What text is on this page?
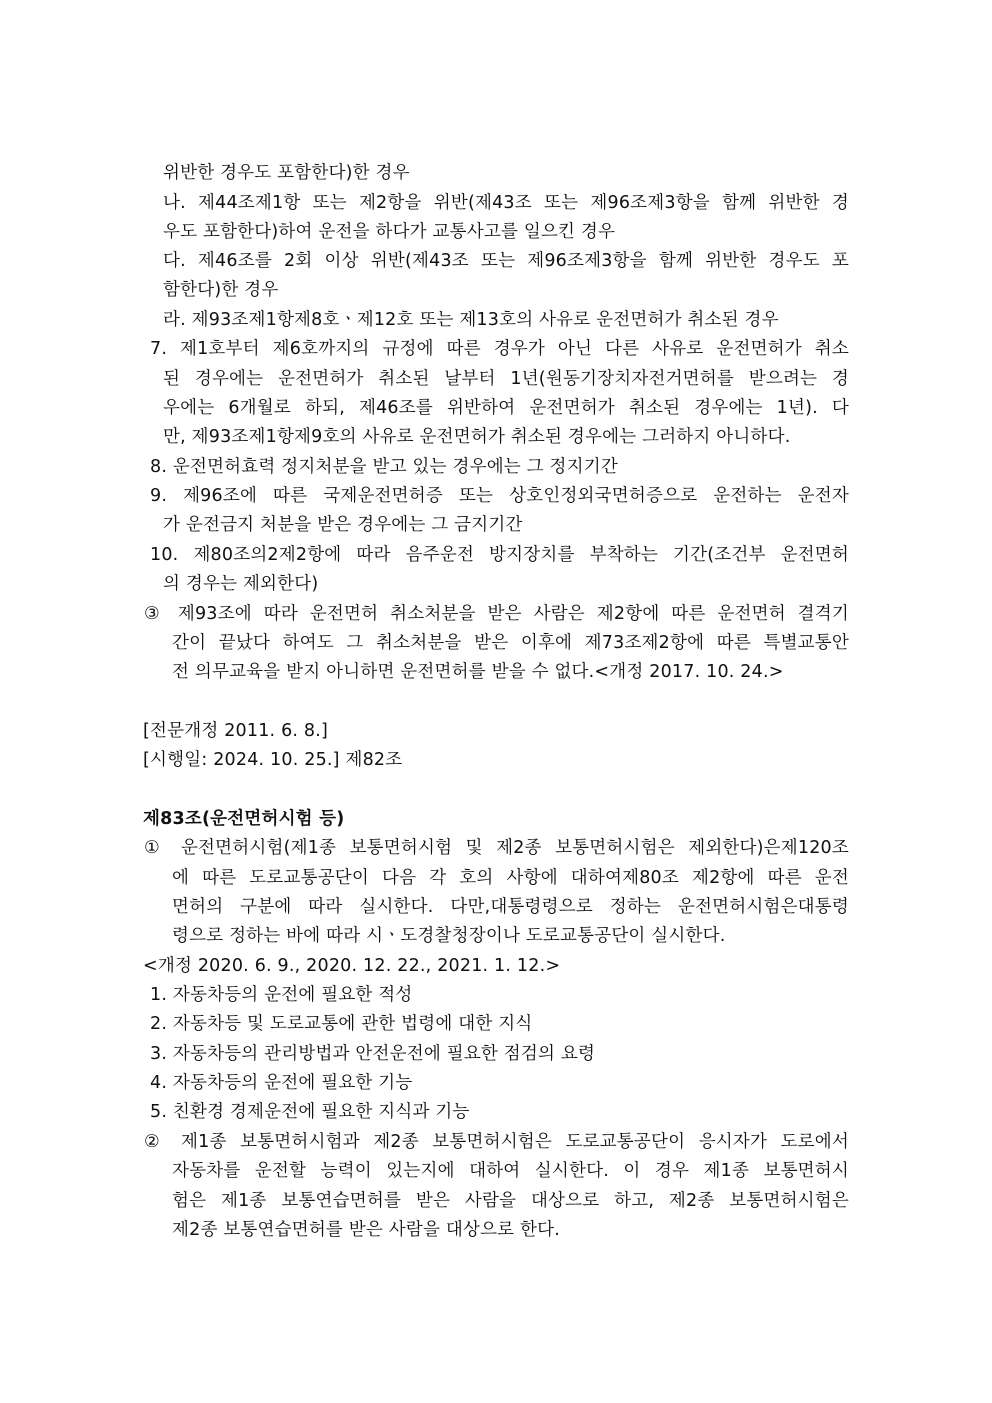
위반한 경우도 포함한다)한 경우
나. 제44조제1항 또는 제2항을 위반(제43조 또는 제96조제3항을 함께 위반한 경
우도 포함한다)하여 운전을 하다가 교통사고를 일으킨 경우
다. 제46조를 2회 이상 위반(제43조 또는 제96조제3항을 함께 위반한 경우도 포
함한다)한 경우
라. 제93조제1항제8호ㆍ제12호 또는 제13호의 사유로 운전면허가 취소된 경우
7. 제1호부터 제6호까지의 규정에 따른 경우가 아닌 다른 사유로 운전면허가 취소
된 경우에는 운전면허가 취소된 날부터 1년(원동기장치자전거면허를 받으려는 경
우에는 6개월로 하되, 제46조를 위반하여 운전면허가 취소된 경우에는 1년). 다
만, 제93조제1항제9호의 사유로 운전면허가 취소된 경우에는 그러하지 아니하다.
8. 운전면허효력 정지처분을 받고 있는 경우에는 그 정지기간
9. 제96조에 따른 국제운전면허증 또는 상호인정외국면허증으로 운전하는 운전자
가 운전금지 처분을 받은 경우에는 그 금지기간
10. 제80조의2제2항에 따라 음주운전 방지장치를 부착하는 기간(조건부 운전면허
의 경우는 제외한다)
③ 제93조에 따라 운전면허 취소처분을 받은 사람은 제2항에 따른 운전면허 결격기
간이 끝났다 하여도 그 취소처분을 받은 이후에 제73조제2항에 따른 특별교통안
전 의무교육을 받지 아니하면 운전면허를 받을 수 없다.<개정 2017. 10. 24.>
[전문개정 2011. 6. 8.]
[시행일: 2024. 10. 25.] 제82조
제83조(운전면허시험 등)
① 운전면허시험(제1종 보통면허시험 및 제2종 보통면허시험은 제외한다)은제120조
에 따른 도로교통공단이 다음 각 호의 사항에 대하여제80조 제2항에 따른 운전
면허의 구분에 따라 실시한다. 다만,대통령령으로 정하는 운전면허시험은대통령
령으로 정하는 바에 따라 시ㆍ도경찰청장이나 도로교통공단이 실시한다.
<개정 2020. 6. 9., 2020. 12. 22., 2021. 1. 12.>
1. 자동차등의 운전에 필요한 적성
2. 자동차등 및 도로교통에 관한 법령에 대한 지식
3. 자동차등의 관리방법과 안전운전에 필요한 점검의 요령
4. 자동차등의 운전에 필요한 기능
5. 친환경 경제운전에 필요한 지식과 기능
② 제1종 보통면허시험과 제2종 보통면허시험은 도로교통공단이 응시자가 도로에서
자동차를 운전할 능력이 있는지에 대하여 실시한다. 이 경우 제1종 보통면허시
험은 제1종 보통연습면허를 받은 사람을 대상으로 하고, 제2종 보통면허시험은
제2종 보통연습면허를 받은 사람을 대상으로 한다.
